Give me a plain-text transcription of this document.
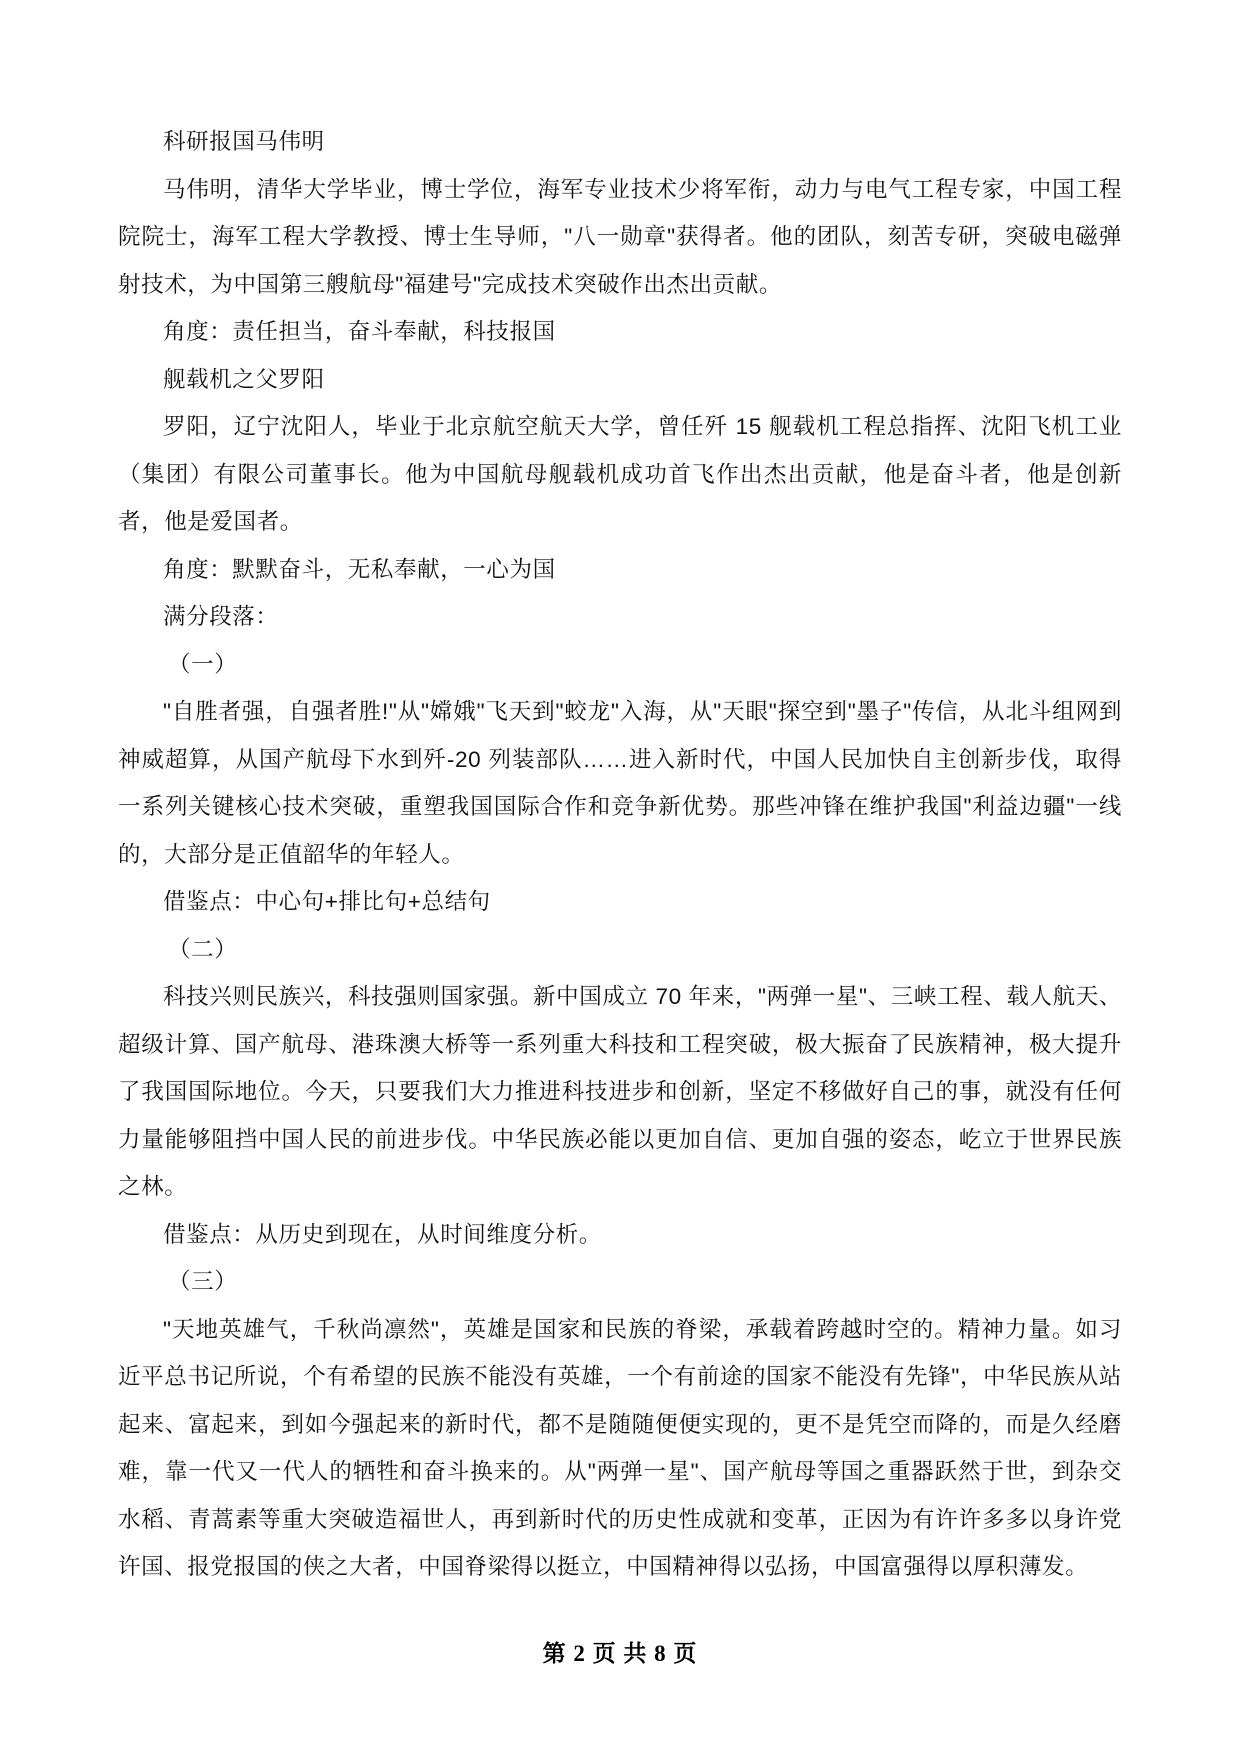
科研报国马伟明

马伟明，清华大学毕业，博士学位，海军专业技术少将军衔，动力与电气工程专家，中国工程院院士，海军工程大学教授、博士生导师，"八一勋章"获得者。他的团队，刻苦专研，突破电磁弹射技术，为中国第三艘航母"福建号"完成技术突破作出杰出贡献。

角度：责任担当，奋斗奉献，科技报国

舰载机之父罗阳

罗阳，辽宁沈阳人，毕业于北京航空航天大学，曾任歼 15 舰载机工程总指挥、沈阳飞机工业（集团）有限公司董事长。他为中国航母舰载机成功首飞作出杰出贡献，他是奋斗者，他是创新者，他是爱国者。

角度：默默奋斗，无私奉献，一心为国

满分段落：

（一）

"自胜者强，自强者胜!"从"嫦娥"飞天到"蛟龙"入海，从"天眼"探空到"墨子"传信，从北斗组网到神威超算，从国产航母下水到歼-20 列装部队……进入新时代，中国人民加快自主创新步伐，取得一系列关键核心技术突破，重塑我国国际合作和竞争新优势。那些冲锋在维护我国"利益边疆"一线的，大部分是正值韶华的年轻人。

借鉴点：中心句+排比句+总结句

（二）

科技兴则民族兴，科技强则国家强。新中国成立 70 年来，"两弹一星"、三峡工程、载人航天、超级计算、国产航母、港珠澳大桥等一系列重大科技和工程突破，极大振奋了民族精神，极大提升了我国国际地位。今天，只要我们大力推进科技进步和创新，坚定不移做好自己的事，就没有任何力量能够阻挡中国人民的前进步伐。中华民族必能以更加自信、更加自强的姿态，屹立于世界民族之林。

借鉴点：从历史到现在，从时间维度分析。

（三）

"天地英雄气，千秋尚凛然"，英雄是国家和民族的脊梁，承载着跨越时空的。精神力量。如习近平总书记所说，个有希望的民族不能没有英雄，一个有前途的国家不能没有先锋"，中华民族从站起来、富起来，到如今强起来的新时代，都不是随随便便实现的，更不是凭空而降的，而是久经磨难，靠一代又一代人的牺牲和奋斗换来的。从"两弹一星"、国产航母等国之重器跃然于世，到杂交水稻、青蒿素等重大突破造福世人，再到新时代的历史性成就和变革，正因为有许许多多以身许党许国、报党报国的侠之大者，中国脊梁得以挺立，中国精神得以弘扬，中国富强得以厚积薄发。

第 2 页 共 8 页
